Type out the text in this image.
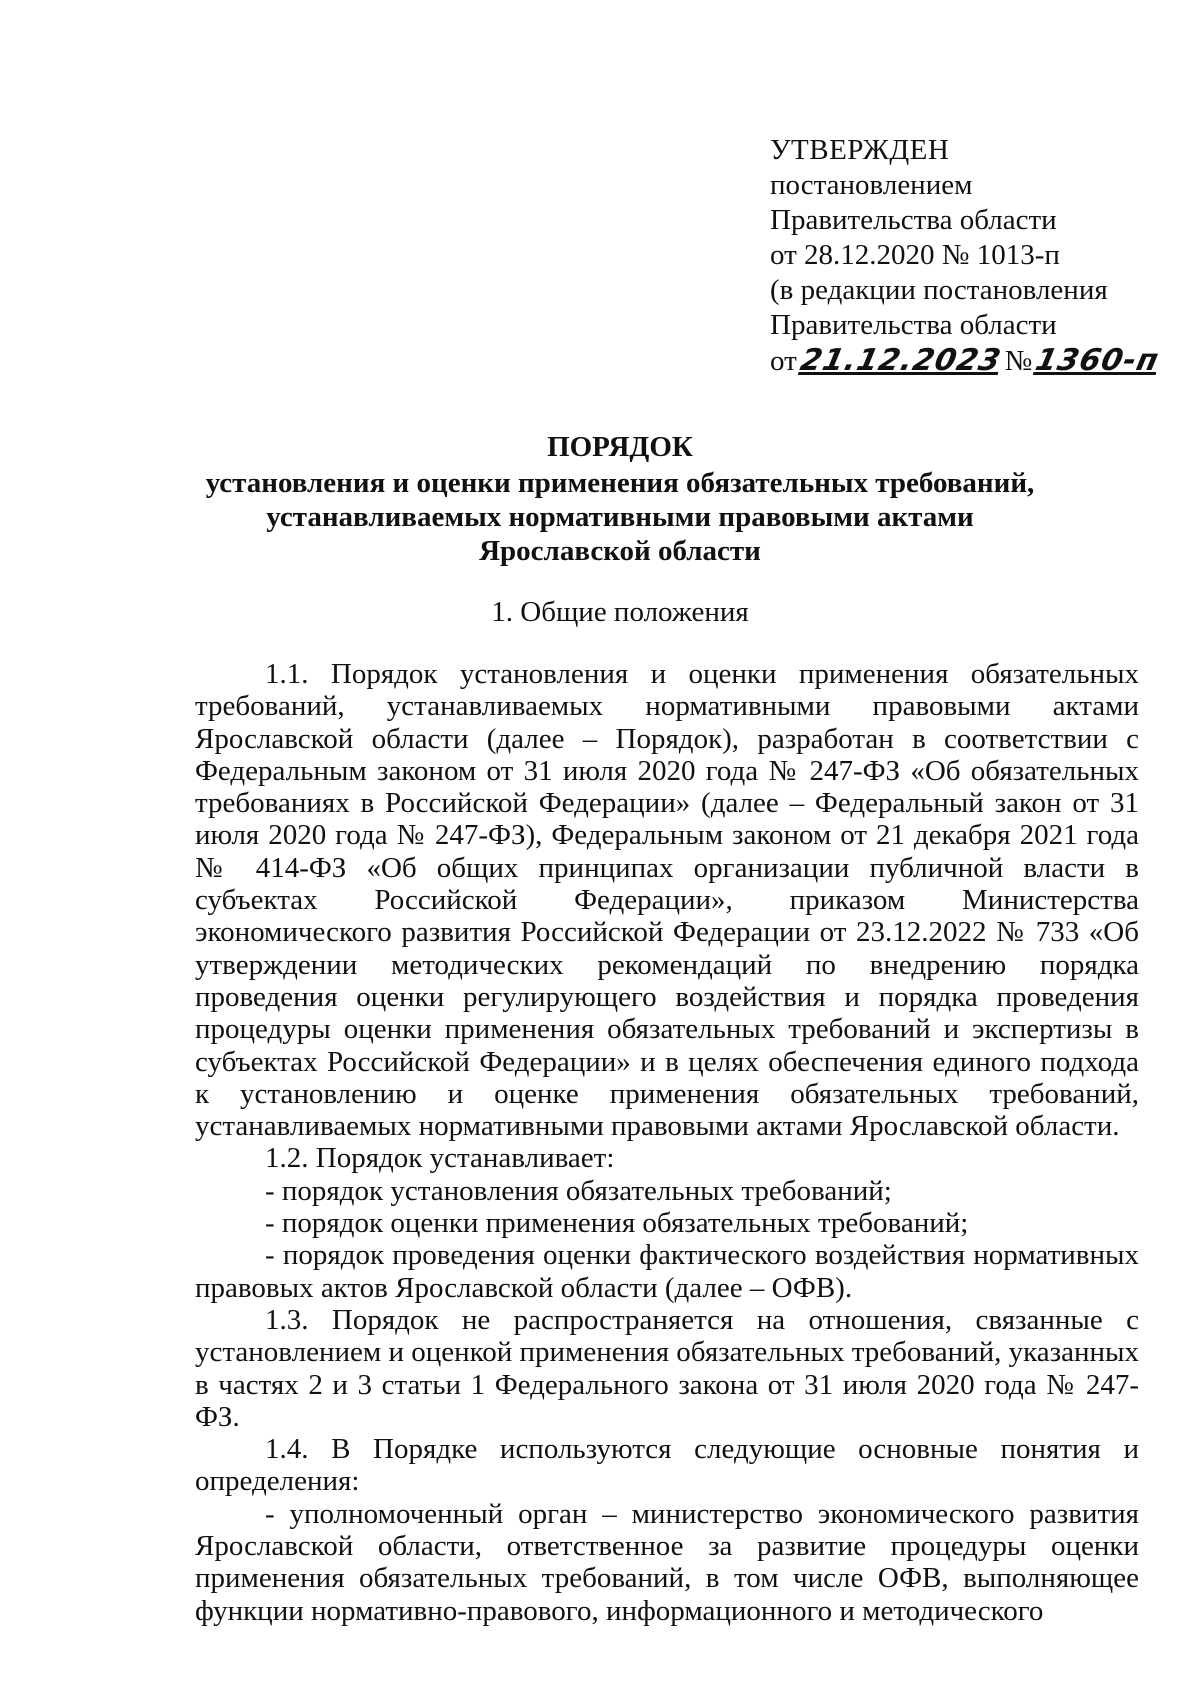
УТВЕРЖДЕН
постановлением
Правительства области
от 28.12.2020 № 1013-п
(в редакции постановления
Правительства области
от21.12.2023№1360-п
ПОРЯДОК
установления и оценки применения обязательных требований,
устанавливаемых нормативными правовыми актами
Ярославской области
1. Общие положения

1.1. Порядок установления и оценки применения обязательных требований, устанавливаемых нормативными правовыми актами Ярославской области (далее – Порядок), разработан в соответствии с Федеральным законом от 31 июля 2020 года № 247-ФЗ «Об обязательных требованиях в Российской Федерации» (далее – Федеральный закон от 31 июля 2020 года № 247-ФЗ), Федеральным законом от 21 декабря 2021 года № 414-ФЗ «Об общих принципах организации публичной власти в субъектах Российской Федерации», приказом Министерства экономического развития Российской Федерации от 23.12.2022 № 733 «Об утверждении методических рекомендаций по внедрению порядка проведения оценки регулирующего воздействия и порядка проведения процедуры оценки применения обязательных требований и экспертизы в субъектах Российской Федерации» и в целях обеспечения единого подхода к установлению и оценке применения обязательных требований, устанавливаемых нормативными правовыми актами Ярославской области.

1.2. Порядок устанавливает:

- порядок установления обязательных требований;

- порядок оценки применения обязательных требований;

- порядок проведения оценки фактического воздействия нормативных правовых актов Ярославской области (далее – ОФВ).

1.3. Порядок не распространяется на отношения, связанные с установлением и оценкой применения обязательных требований, указанных в частях 2 и 3 статьи 1 Федерального закона от 31 июля 2020 года № 247-ФЗ.

1.4. В Порядке используются следующие основные понятия и определения:

- уполномоченный орган – министерство экономического развития Ярославской области, ответственное за развитие процедуры оценки применения обязательных требований, в том числе ОФВ, выполняющее функции нормативно-правового, информационного и методического
